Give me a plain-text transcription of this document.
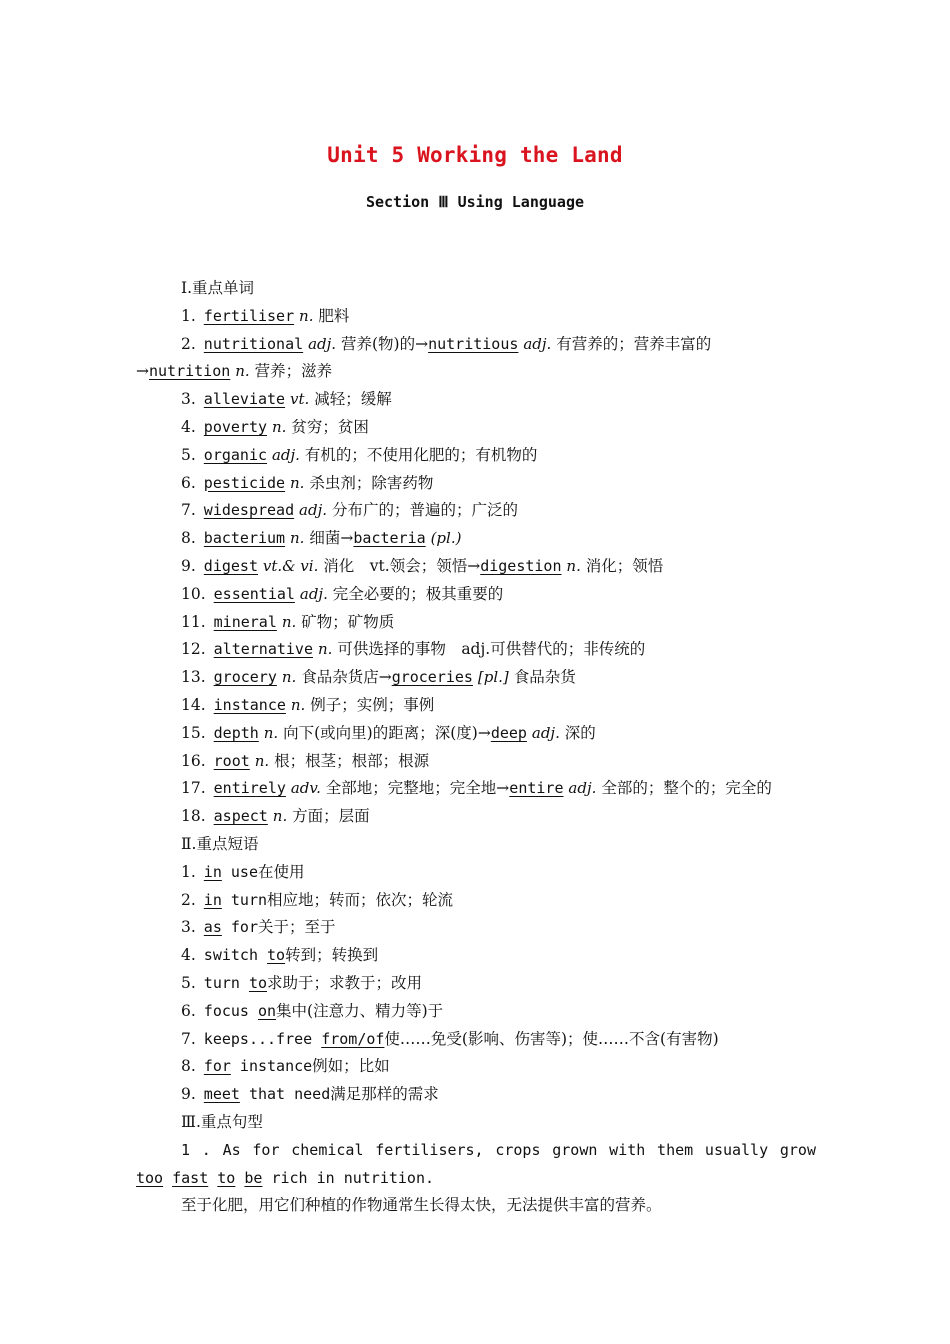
Unit 5 Working the Land
Section Ⅲ Using Language
Ⅰ.重点单词
1. fertiliser n. 肥料
2. nutritional adj. 营养(物)的→nutritious adj. 有营养的；营养丰富的
→nutrition n. 营养；滋养
3. alleviate vt. 减轻；缓解
4. poverty n. 贫穷；贫困
5. organic adj. 有机的；不使用化肥的；有机物的
6. pesticide n. 杀虫剂；除害药物
7. widespread adj. 分布广的；普遍的；广泛的
8. bacterium n. 细菌→bacteria (pl.)
9. digest vt.& vi. 消化　vt.领会；领悟→digestion n. 消化；领悟
10. essential adj. 完全必要的；极其重要的
11. mineral n. 矿物；矿物质
12. alternative n. 可供选择的事物　adj.可供替代的；非传统的
13. grocery n. 食品杂货店→groceries [pl.] 食品杂货
14. instance n. 例子；实例；事例
15. depth n. 向下(或向里)的距离；深(度)→deep adj. 深的
16. root n. 根；根茎；根部；根源
17. entirely adv. 全部地；完整地；完全地→entire adj. 全部的；整个的；完全的
18. aspect n. 方面；层面
Ⅱ.重点短语
1. in use在使用
2. in turn相应地；转而；依次；轮流
3. as for关于；至于
4. switch to转到；转换到
5. turn to求助于；求教于；改用
6. focus on集中(注意力、精力等)于
7. keeps...free from/of使……免受(影响、伤害等)；使……不含(有害物)
8. for instance例如；比如
9. meet that need满足那样的需求
Ⅲ.重点句型
1 . As for chemical fertilisers, crops grown with them usually grow
too fast to be rich in nutrition.
至于化肥，用它们种植的作物通常生长得太快，无法提供丰富的营养。
